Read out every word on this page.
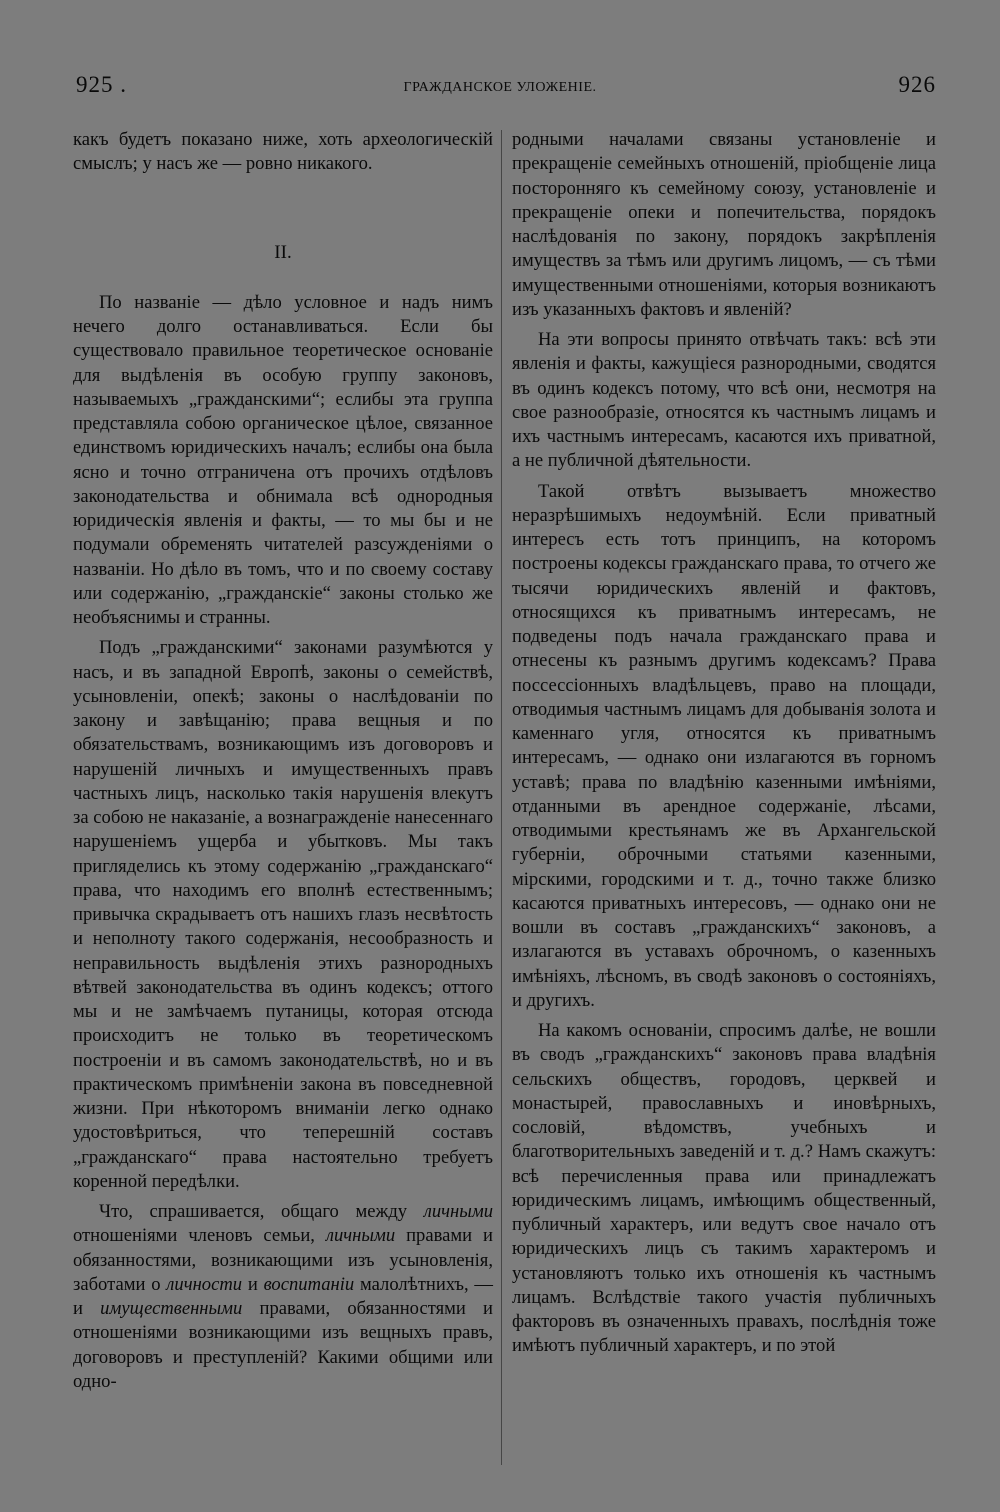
925 .	ГРАЖДАНСКОЕ УЛОЖЕНІЕ.	926

какъ будетъ показано ниже, хоть археологическій смыслъ; у насъ же — ровно никакого.

II.

По названіе — дѣло условное и надъ нимъ нечего долго останавливаться. Если бы существовало правильное теоретическое основаніе для выдѣленія въ особую группу законовъ, называемыхъ „гражданскими“; еслибы эта группа представляла собою органическое цѣлое, связанное единствомъ юридическихъ началъ; еслибы она была ясно и точно отграничена отъ прочихъ отдѣловъ законодательства и обнимала всѣ однородныя юридическія явленія и факты, — то мы бы и не подумали обременять читателей разсужденіями о названіи. Но дѣло въ томъ, что и по своему составу или содержанію, „гражданскіе“ законы столько же необъяснимы и странны.

Подъ „гражданскими“ законами разумѣются у насъ, и въ западной Европѣ, законы о семействѣ, усыновленіи, опекѣ; законы о наслѣдованіи по закону и завѣщанію; права вещныя и по обязательствамъ, возникающимъ изъ договоровъ и нарушеній личныхъ и имущественныхъ правъ частныхъ лицъ, насколько такія нарушенія влекутъ за собою не наказаніе, а вознагражденіе нанесеннаго нарушеніемъ ущерба и убытковъ. Мы такъ пригляделись къ этому содержанію „гражданскаго“ права, что находимъ его вполнѣ естественнымъ; привычка скрадываетъ отъ нашихъ глазъ несвѣтость и неполноту такого содержанія, несообразность и неправильность выдѣленія этихъ разнородныхъ вѣтвей законодательства въ одинъ кодексъ; оттого мы и не замѣчаемъ путаницы, которая отсюда происходитъ не только въ теоретическомъ построеніи и въ самомъ законодательствѣ, но и въ практическомъ примѣненіи закона въ повседневной жизни. При нѣкоторомъ вниманіи легко однако удостовѣриться, что теперешній составъ „гражданскаго“ права настоятельно требуетъ коренной передѣлки.

Что, спрашивается, общаго между личными отношеніями членовъ семьи, личными правами и обязанностями, возникающими изъ усыновленія, заботами о личности и воспитаніи малолѣтнихъ, — и имущественными правами, обязанностями и отношеніями возникающими изъ вещныхъ правъ, договоровъ и преступленій? Какими общими или одно-

родными началами связаны установленіе и прекращеніе семейныхъ отношеній, пріобщеніе лица посторонняго къ семейному союзу, установленіе и прекращеніе опеки и попечительства, порядокъ наслѣдованія по закону, порядокъ закрѣпленія имуществъ за тѣмъ или другимъ лицомъ, — съ тѣми имущественными отношеніями, которыя возникаютъ изъ указанныхъ фактовъ и явленій?

На эти вопросы принято отвѣчать такъ: всѣ эти явленія и факты, кажущіеся разнородными, сводятся въ одинъ кодексъ потому, что всѣ они, несмотря на свое разнообразіе, относятся къ частнымъ лицамъ и ихъ частнымъ интересамъ, касаются ихъ приватной, а не публичной дѣятельности.

Такой отвѣтъ вызываетъ множество неразрѣшимыхъ недоумѣній. Если приватный интересъ есть тотъ принципъ, на которомъ построены кодексы гражданскаго права, то отчего же тысячи юридическихъ явленій и фактовъ, относящихся къ приватнымъ интересамъ, не подведены подъ начала гражданскаго права и отнесены къ разнымъ другимъ кодексамъ? Права поссессіонныхъ владѣльцевъ, право на площади, отводимыя частнымъ лицамъ для добыванія золота и каменнаго угля, относятся къ приватнымъ интересамъ, — однако они излагаются въ горномъ уставѣ; права по владѣнію казенными имѣніями, отданными въ арендное содержаніе, лѣсами, отводимыми крестьянамъ же въ Архангельской губерніи, оброчными статьями казенными, мірскими, городскими и т. д., точно также близко касаются приватныхъ интересовъ, — однако они не вошли въ составъ „гражданскихъ“ законовъ, а излагаются въ уставахъ оброчномъ, о казенныхъ имѣніяхъ, лѣсномъ, въ сводѣ законовъ о состояніяхъ, и другихъ.

На какомъ основаніи, спросимъ далѣе, не вошли въ сводъ „гражданскихъ“ законовъ права владѣнія сельскихъ обществъ, городовъ, церквей и монастырей, православныхъ и иновѣрныхъ, сословій, вѣдомствъ, учебныхъ и благотворительныхъ заведеній и т. д.? Намъ скажутъ: всѣ перечисленныя права или принадлежатъ юридическимъ лицамъ, имѣющимъ общественный, публичный характеръ, или ведутъ свое начало отъ юридическихъ лицъ съ такимъ характеромъ и установляютъ только ихъ отношенія къ частнымъ лицамъ. Вслѣдствіе такого участія публичныхъ факторовъ въ означенныхъ правахъ, послѣднія тоже имѣютъ публичный характеръ, и по этой
